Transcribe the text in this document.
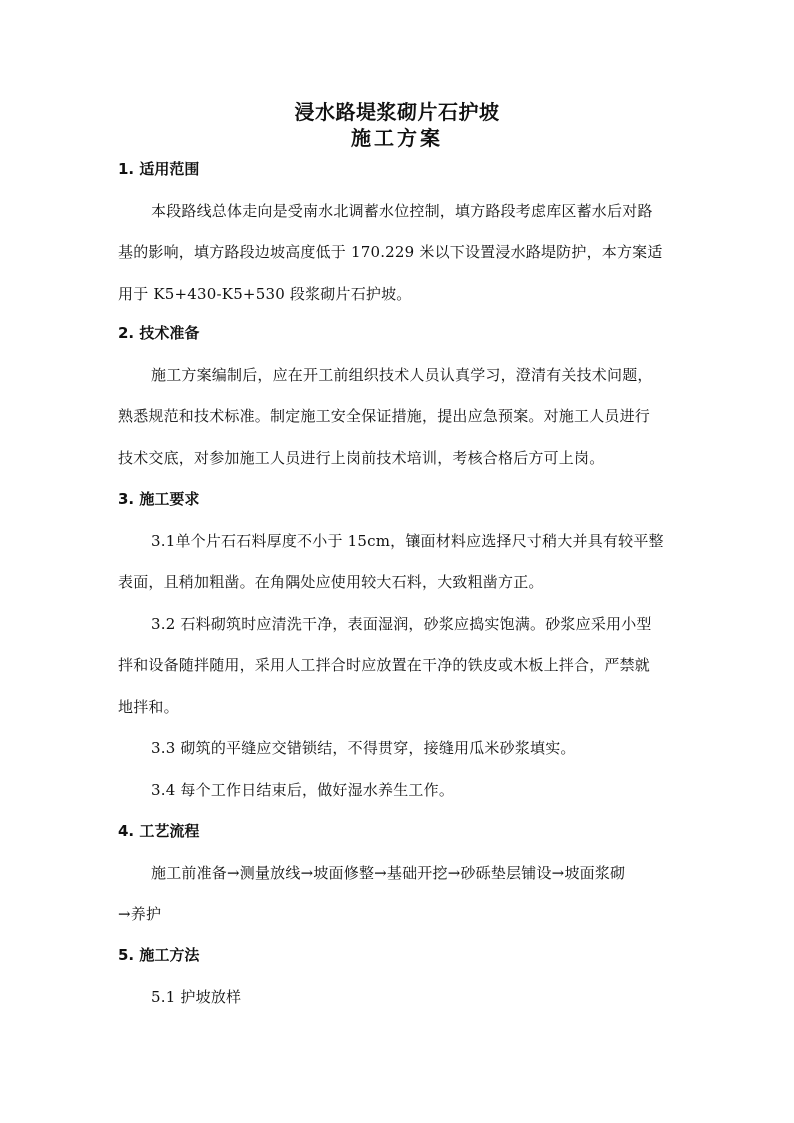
浸水路堤浆砌片石护坡
施工方案
1. 适用范围
本段路线总体走向是受南水北调蓄水位控制，填方路段考虑库区蓄水后对路
基的影响，填方路段边坡高度低于 170.229 米以下设置浸水路堤防护，本方案适
用于 K5+430-K5+530 段浆砌片石护坡。
2. 技术准备
施工方案编制后，应在开工前组织技术人员认真学习，澄清有关技术问题，
熟悉规范和技术标准。制定施工安全保证措施，提出应急预案。对施工人员进行
技术交底，对参加施工人员进行上岗前技术培训，考核合格后方可上岗。
3. 施工要求
3.1单个片石石料厚度不小于 15cm，镶面材料应选择尺寸稍大并具有较平整
表面，且稍加粗凿。在角隅处应使用较大石料，大致粗凿方正。
3.2 石料砌筑时应清洗干净，表面湿润，砂浆应捣实饱满。砂浆应采用小型
拌和设备随拌随用，采用人工拌合时应放置在干净的铁皮或木板上拌合，严禁就
地拌和。
3.3 砌筑的平缝应交错锁结，不得贯穿，接缝用瓜米砂浆填实。
3.4 每个工作日结束后，做好湿水养生工作。
4. 工艺流程
施工前准备→测量放线→坡面修整→基础开挖→砂砾垫层铺设→坡面浆砌
→养护
5. 施工方法
5.1 护坡放样
